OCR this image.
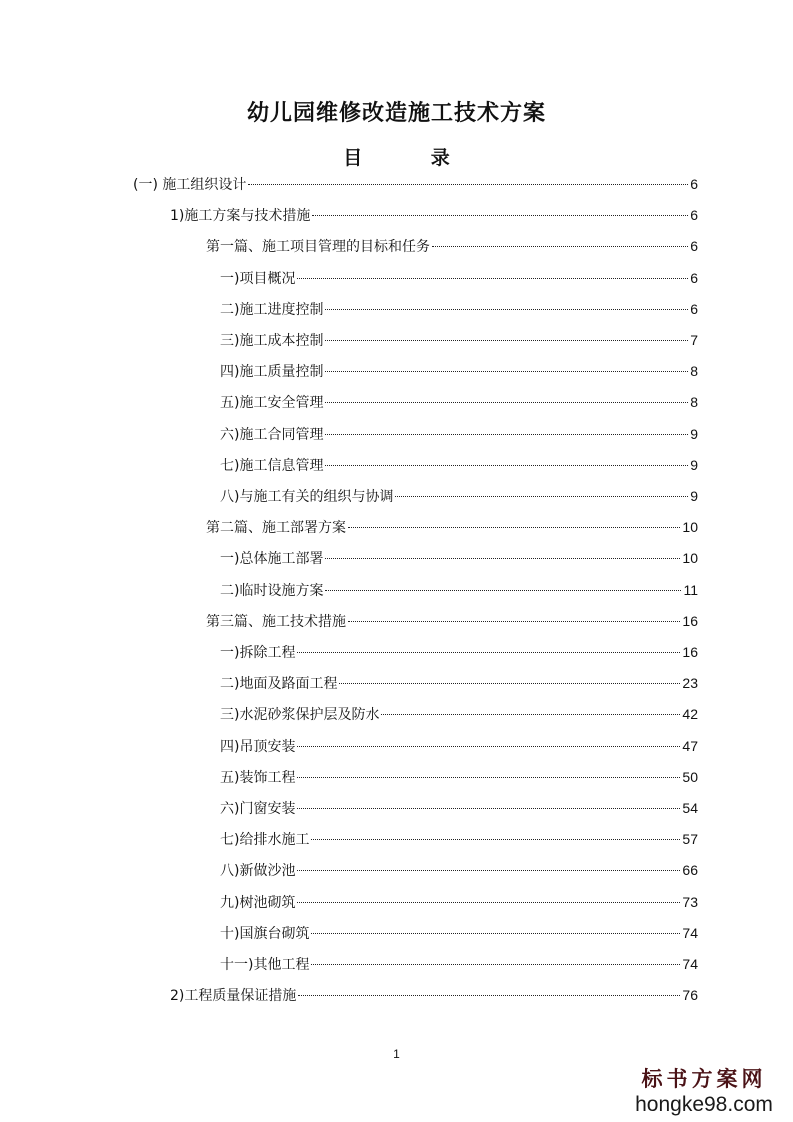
幼儿园维修改造施工技术方案
目 录
(一) 施工组织设计	6
1)施工方案与技术措施	6
第一篇、施工项目管理的目标和任务	6
一)项目概况	6
二)施工进度控制	6
三)施工成本控制	7
四)施工质量控制	8
五)施工安全管理	8
六)施工合同管理	9
七)施工信息管理	9
八)与施工有关的组织与协调	9
第二篇、施工部署方案	10
一)总体施工部署	10
二)临时设施方案	11
第三篇、施工技术措施	16
一)拆除工程	16
二)地面及路面工程	23
三)水泥砂浆保护层及防水	42
四)吊顶安装	47
五)装饰工程	50
六)门窗安装	54
七)给排水施工	57
八)新做沙池	66
九)树池砌筑	73
十)国旗台砌筑	74
十一)其他工程	74
2)工程质量保证措施	76
1
标书方案网
hongke98.com
